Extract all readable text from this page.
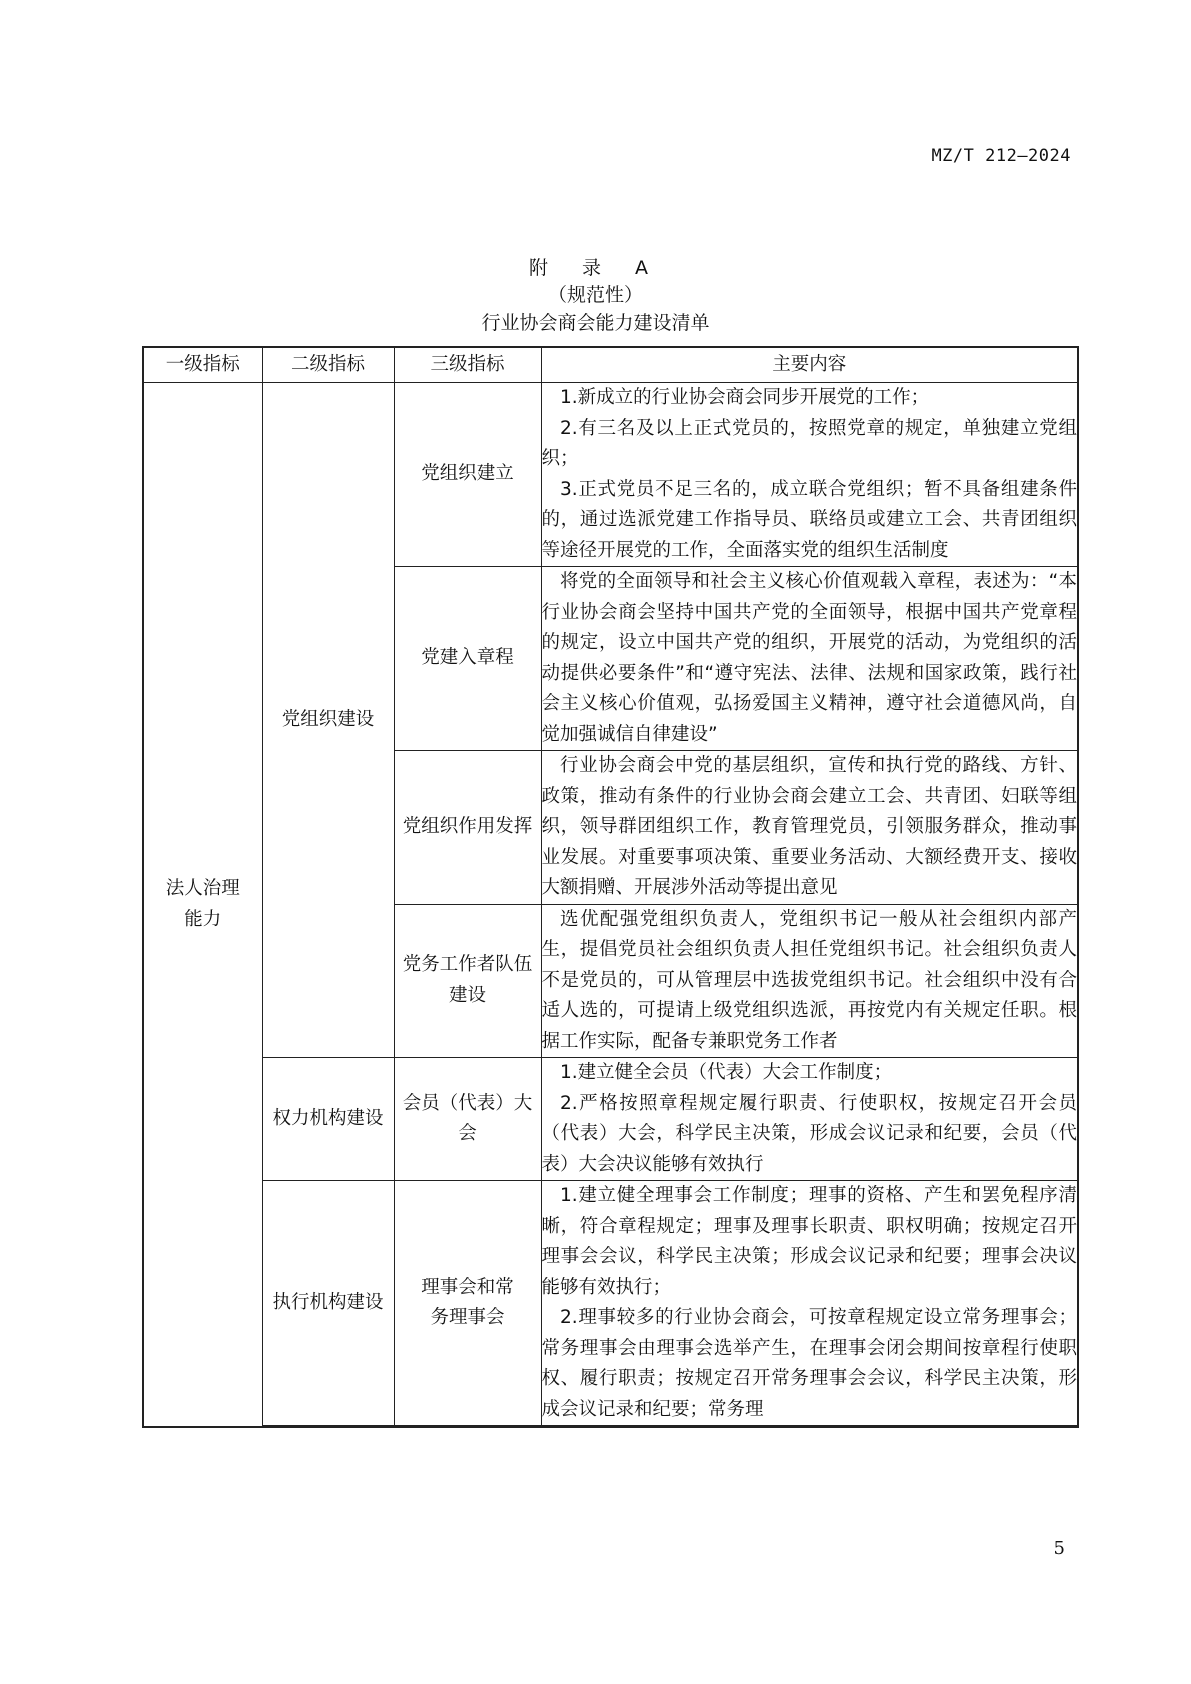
MZ/T 212—2024
附 录 A
（规范性）
行业协会商会能力建设清单
一级指标	二级指标	三级指标	主要内容
法人治理能力	党组织建设	党组织建立	1.新成立的行业协会商会同步开展党的工作；

2.有三名及以上正式党员的，按照党章的规定，单独建立党组织；

3.正式党员不足三名的，成立联合党组织；暂不具备组建条件的，通过选派党建工作指导员、联络员或建立工会、共青团组织等途径开展党的工作，全面落实党的组织生活制度

		党建入章程	将党的全面领导和社会主义核心价值观载入章程，表述为：“本行业协会商会坚持中国共产党的全面领导，根据中国共产党章程的规定，设立中国共产党的组织，开展党的活动，为党组织的活动提供必要条件”和“遵守宪法、法律、法规和国家政策，践行社会主义核心价值观，弘扬爱国主义精神，遵守社会道德风尚，自觉加强诚信自律建设”

		党组织作用发挥	行业协会商会中党的基层组织，宣传和执行党的路线、方针、政策，推动有条件的行业协会商会建立工会、共青团、妇联等组织，领导群团组织工作，教育管理党员，引领服务群众，推动事业发展。对重要事项决策、重要业务活动、大额经费开支、接收大额捐赠、开展涉外活动等提出意见

		党务工作者队伍建设	选优配强党组织负责人，党组织书记一般从社会组织内部产生，提倡党员社会组织负责人担任党组织书记。社会组织负责人不是党员的，可从管理层中选拔党组织书记。社会组织中没有合适人选的，可提请上级党组织选派，再按党内有关规定任职。根据工作实际，配备专兼职党务工作者

	权力机构建设	会员（代表）大会	1.建立健全会员（代表）大会工作制度；

2.严格按照章程规定履行职责、行使职权，按规定召开会员（代表）大会，科学民主决策，形成会议记录和纪要，会员（代表）大会决议能够有效执行

	执行机构建设	理事会和常务理事会	1.建立健全理事会工作制度；理事的资格、产生和罢免程序清晰，符合章程规定；理事及理事长职责、职权明确；按规定召开理事会会议，科学民主决策；形成会议记录和纪要；理事会决议能够有效执行；

2.理事较多的行业协会商会，可按章程规定设立常务理事会；常务理事会由理事会选举产生，在理事会闭会期间按章程行使职权、履行职责；按规定召开常务理事会会议，科学民主决策，形成会议记录和纪要；常务理

5
